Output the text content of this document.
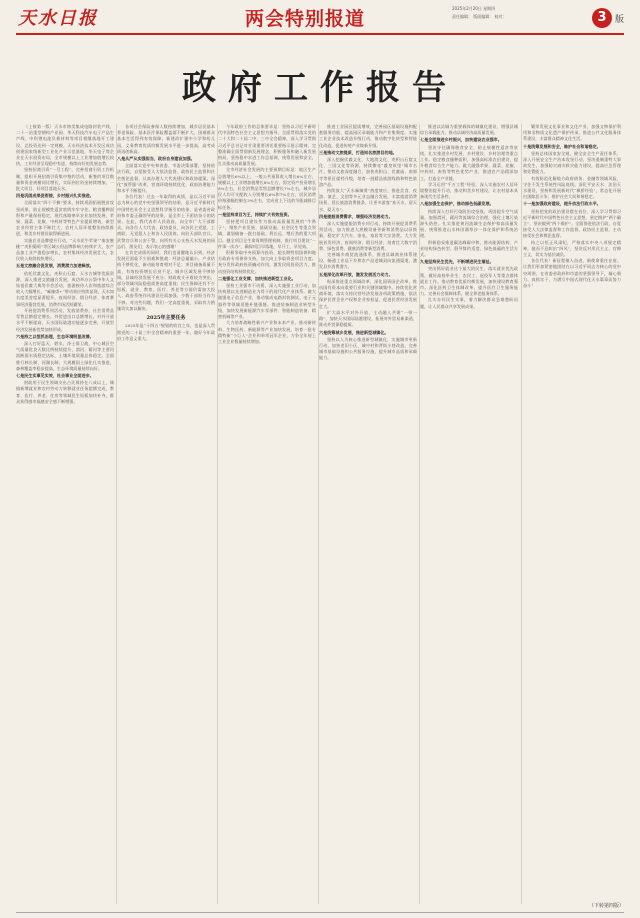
天水日报	两会特别报道	2025年2月20日 星期四
责任编辑： 版面编辑： 校对：	3 版
政府工作报告

（上接第一版）天水市锦美集成电路封装产线、二十一冶重型钢构产业园、华天科技汽车电子产品生产线、中科锂电池负极材料等项目相继落地开工建设，总投资达到一定规模。天水经济技术开发区成功创建国家级新型工业化产业示范基地，华天电子等企业在天水投资布局，全市规模以上工业增加值增长较快，工业经济呈现稳中有进、持续向好的发展态势。

坚持招商引资“一号工程”，完善招商引资工作机制，组织开展招商引资集中签约活动，新签约项目数量和资金规模同比增长，实际到位资金持续增加，一批大项目、好项目落地天水。

四是巩固成果促衔接，乡村振兴扎实推进。

全面落实“四个不摘”要求，持续巩固拓展脱贫攻坚成果，防止规模性返贫底线牢牢守住。粮食播种面积和产量保持稳定，现代丝路寒旱农业加快发展，苹果、蔬菜、花椒、中药材等特色产业提质增效，新型农业经营主体不断壮大，农村人居环境整治持续推进，和美乡村建设取得新进展。

实施农业品牌提升行动，“天水花牛苹果”“秦安蜜桃”“麦积葡萄”等区域公用品牌影响力持续扩大，农产品加工业产值稳步增长，农村集体经济发展壮大，农民收入持续较快增长。

五是文旅融合促发展，消费潜力加速释放。

依托伏羲文化、麦积山石窟、天水古城等优质资源，深入推进文旅融合发展，成功举办公祭中华人文始祖伏羲大典等节会活动，旅游接待人次和旅游综合收入大幅增长，“麻辣烫+”带动效应持续显现，天水知名度美誉度显著提升，夜间经济、假日经济、体育赛事经济蓬勃发展，消费市场活跃繁荣。

开展促消费系列活动，发放消费券，社会消费品零售总额稳定增长。外贸进出口总额增长，对外开放水平不断提高，天水国际陆港功能逐步完善，开放型经济发展新优势加快形成。

六是持之以恒抓治理，生态环境明显改善。

深入打好蓝天、碧水、净土保卫战，中心城区空气质量优良天数比例持续提升，渭河、藉河等主要河流断面水质稳定达标，土壤环境质量总体稳定。全面推行林长制、河湖长制，大规模国土绿化扎实推进，森林覆盖率稳步提高，生态环境质量持续向好。

七是民生实事见实效，社会事业全面进步。

财政用于民生领域支出占比保持在八成以上，城镇新增就业和农村劳动力转移就业任务超额完成，教育、医疗、养老、住房等领域民生短板加快补齐，群众获得感幸福感安全感不断增强。

各项社会保险参保人数持续增加，城乡居民基本养老保险、基本医疗保险覆盖面不断扩大，困难群众基本生活得到有效保障。新建改扩建中小学和幼儿园，义务教育优质均衡发展水平进一步提高，高考成绩再创新高。

八是从严从实强担当，政府自身建设加强。

全面落实党中央和省委、市委决策部署，坚持依法行政，自觉接受人大依法监督、政协民主监督和社会舆论监督，认真办理人大代表建议和政协提案。深化“放管服”改革，营商环境持续优化，政府治理能力和水平不断提升。

各位代表！过去一年取得的成绩，是以习近平同志为核心的党中央坚强领导的结果，是习近平新时代中国特色社会主义思想科学指引的结果，是省委省政府和市委正确领导的结果，是全市上下团结奋斗的结果。在此，我代表市人民政府，向全市广大干部群众，向各位人大代表、政协委员，向各民主党派、工商联、无党派人士和各人民团体，向驻天部队官兵、武警官兵和公安干警，向所有关心支持天水发展的同志们、朋友们，表示衷心的感谢！

在肯定成绩的同时，我们也清醒地认识到，经济发展还面临不少困难和挑战：经济总量偏小，产业结构不够优化，新动能培育相对不足；项目储备质量不高，有效投资增长后劲不足；城乡区域发展不够协调，县域经济发展不充分；财政收支矛盾较为突出，部分领域风险隐患需要高度重视；民生保障还有不少短板，就业、教育、医疗、养老等方面仍需加大投入；政府系统作风建设还需加强，少数干部担当作为不够。对这些问题，我们一定高度重视，采取有力措施切实加以解决。

2025年主要任务

2025年是“十四五”规划的收官之年，也是深入贯彻党的二十届三中全会精神的重要一年，做好今年政府工作意义重大。

今年政府工作的总体要求是：坚持以习近平新时代中国特色社会主义思想为指导，全面贯彻落实党的二十大和二十届二中、三中全会精神，深入学习贯彻习近平总书记对甘肃重要讲话重要指示批示精神，完整准确全面贯彻新发展理念，积极服务和融入新发展格局，坚持稳中求进工作总基调，统筹发展和安全，扎实推动高质量发展。

全市经济社会发展的主要预期目标是：地区生产总值增长6%以上，一般公共预算收入增长6%左右，规模以上工业增加值增长8%左右，固定资产投资增长8%左右，社会消费品零售总额增长7%左右，城乡居民人均可支配收入分别增长6%和7%左右，居民消费价格涨幅控制在3%左右，完成省上下达的节能减排目标任务。

一是坚持项目为王，持续扩大有效投资。

坚持把项目建设作为推动高质量发展的“牛鼻子”，聚焦产业发展、基础设施、社会民生等重点领域，谋划储备一批打基础、利长远、增后劲的重大项目。健全项目全生命周期管理机制，推行项目建设“一件事一次办”，确保项目早落地、早开工、早见效。

积极争取中央预算内投资、超长期特别国债和地方政府专项债券支持，加大向上争取资金项目力度。充分发挥政府投资撬动作用，激发民间投资活力，推动投资结构持续优化。

二是强化工业支撑，加快推进新型工业化。

坚持工业强市不动摇，深入实施强工业行动，加快构建以先进制造业为骨干的现代化产业体系。做大做强电子信息产业，推动集成电路封装测试、电子元器件等领域延链补链强链。推进装备制造业转型升级，加快发展新能源汽车零部件、智能制造装备、精密机械等产业。

大力培育战略性新兴产业和未来产业，推动新材料、生物医药、新能源等产业加快发展，培育一批专精特新“小巨人”企业和单项冠军企业，力争全年规上工业企业数量持续增加。

推进工业园区提质增效，完善园区基础设施和配套服务功能，提高园区承载能力和产业集聚度。实施工业企业技术改造升级行动，推动数字化转型和智能化改造，促进传统产业焕新升级。

三是推动文旅提质，打造知名旅游目的地。

深入挖掘伏羲文化、大地湾文化、麦积山石窟文化、三国文化等资源，持续擦亮“羲皇故里”城市名片。推动文旅深度融合，加快麦积山、伏羲庙、南郭寺等景区提档升级，培育一批精品旅游线路和特色旅游产品。

持续放大“天水麻辣烫”热度效应，推进美食、夜游、演艺、文创等多元业态融合发展，丰富旅游消费场景，延长旅游消费链条，让更多游客“来天水、留天水、爱天水”。

四是提振消费需求，增强经济发展动力。

深入实施提振消费专项行动，持续开展促消费系列活动，加力推进大规模设备更新和消费品以旧换新，稳定扩大汽车、家电、家居等大宗消费。大力发展首发经济、夜间经济、假日经济，培育壮大数字消费、绿色消费、健康消费等新型消费。

完善城乡商贸流通体系，推进县域商业体系建设，畅通工业品下乡和农产品进城双向流通渠道，激发县乡消费潜力。

五是深化改革开放，激发发展活力动力。

纵深推进重点领域改革，深化国资国企改革，推动国有资本向重要行业和关键领域集中。持续优化营商环境，落实支持民营经济发展各项政策措施，依法保护民营企业产权和企业家权益，促进民营经济发展壮大。

扩大高水平对外开放，主动融入共建“一带一路”，加快天水国际陆港建设，拓展对外贸易新渠道，推动外贸保稳提质。

六是统筹城乡发展，推进新型城镇化。

坚持以人为核心推进新型城镇化，实施城市更新行动，加快老旧小区、城中村和背街小巷改造，完善城市基础设施和公共服务设施，提升城市品质和承载能力。

推进以县城为重要载体的城镇化建设，增强县城综合承载能力，推动县域经济高质量发展。

七是全面推进乡村振兴，加快建设农业强市。

坚决守住确保粮食安全、防止规模性返贫等底线，扎实推进乡村发展、乡村建设、乡村治理等重点工作。稳定粮食播种面积，加强高标准农田建设，提升粮食综合生产能力。做大做强苹果、蔬菜、花椒、中药材、畜牧等特色优势产业，推进农产品精深加工，打造全产业链。

学习运用“千万工程”经验，深入实施农村人居环境整治提升行动，推动和美乡村建设，让农村基本具备现代生活条件。

八是加强生态保护，推动绿色低碳发展。

持续深入打好污染防治攻坚战，巩固提升空气质量，加强渭河、藉河等流域综合治理，强化土壤污染源头防控。扎实推进黄河流域生态保护和高质量发展，统筹推进山水林田湖草沙一体化保护和系统治理。

积极稳妥推进碳达峰碳中和，推动能源结构、产业结构绿色转型，倡导简约适度、绿色低碳的生活方式。

九是坚持民生优先，不断增进民生福祉。

突出抓好就业这个最大的民生，落实就业优先政策，做好高校毕业生、农民工、退役军人等重点群体就业工作。推动教育优质均衡发展，加快建设教育强市。深化医药卫生体制改革，提升医疗卫生服务能力。完善社会保障体系，健全养老服务体系。

扎实办好民生实事，着力解决群众急难愁盼问题，让人民群众共享发展成果。

繁荣发展文化事业和文化产业，加强文物保护利用和非物质文化遗产保护传承，推进公共文化服务体系建设，丰富群众精神文化生活。

十是统筹发展和安全，维护社会和谐稳定。

坚持总体国家安全观，健全安全生产责任体系，深入开展安全生产治本攻坚行动，坚决遏制重特大事故发生。加强防灾减灾救灾能力建设，提高应急管理和处置能力。

有效防范化解地方政府债务、金融等领域风险，守住不发生系统性风险底线。深化平安天水、法治天水建设，坚持和发展新时代“枫桥经验”，常态化开展扫黑除恶斗争，维护社会大局和谐稳定。

十一是加强政府建设，提升依法行政水平。

坚持把党的政治建设摆在首位，深入学习贯彻习近平新时代中国特色社会主义思想，坚定拥护“两个确立”、坚决做到“两个维护”。全面推进依法行政，自觉接受人大法律监督和工作监督、政协民主监督，主动接受社会和舆论监督。

持之以恒正风肃纪，严格落实中央八项规定精神，驰而不息纠治“四风”，坚决反对形式主义、官僚主义，切实为基层减负。

各位代表！新征程催人奋进，新使命重任在肩。让我们更加紧密地团结在以习近平同志为核心的党中央周围，在省委省政府和市委的坚强领导下，凝心聚力、真抓实干，为谱写中国式现代化天水篇章而努力奋斗！

（下转第四版）
